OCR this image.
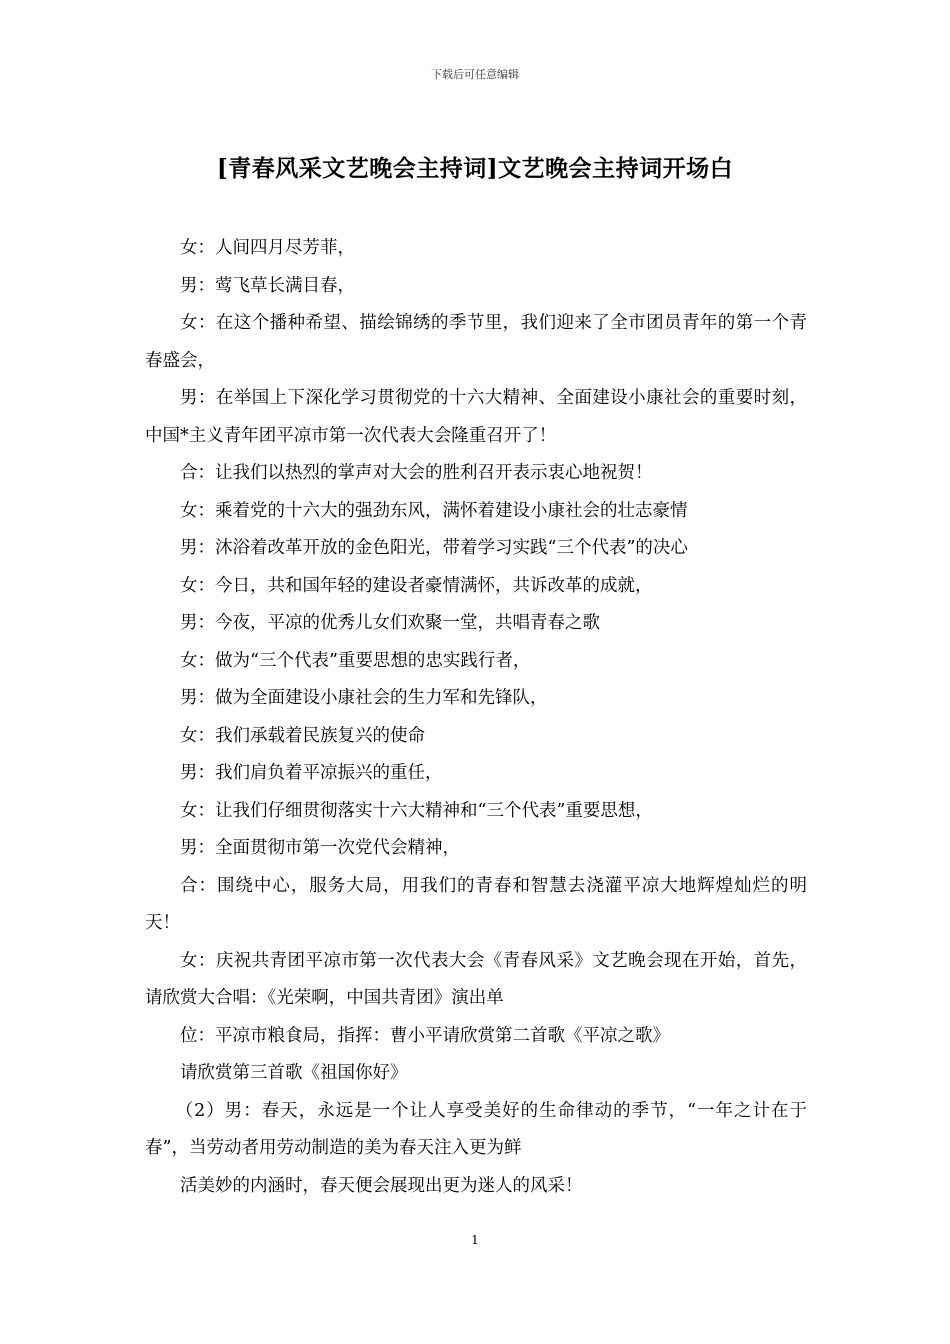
下载后可任意编辑
[青春风采文艺晚会主持词]文艺晚会主持词开场白

女：人间四月尽芳菲，

男：莺飞草长满目春，

女：在这个播种希望、描绘锦绣的季节里，我们迎来了全市团员青年的第一个青春盛会，

男：在举国上下深化学习贯彻党的十六大精神、全面建设小康社会的重要时刻，中国*主义青年团平凉市第一次代表大会隆重召开了！

合：让我们以热烈的掌声对大会的胜利召开表示衷心地祝贺！

女：乘着党的十六大的强劲东风，满怀着建设小康社会的壮志豪情

男：沐浴着改革开放的金色阳光，带着学习实践“三个代表”的决心

女：今日，共和国年轻的建设者豪情满怀，共诉改革的成就，

男：今夜，平凉的优秀儿女们欢聚一堂，共唱青春之歌

女：做为“三个代表”重要思想的忠实践行者，

男：做为全面建设小康社会的生力军和先锋队，

女：我们承载着民族复兴的使命

男：我们肩负着平凉振兴的重任，

女：让我们仔细贯彻落实十六大精神和“三个代表”重要思想，

男：全面贯彻市第一次党代会精神，

合：围绕中心，服务大局，用我们的青春和智慧去浇灌平凉大地辉煌灿烂的明天！

女：庆祝共青团平凉市第一次代表大会《青春风采》文艺晚会现在开始，首先，请欣赏大合唱：《光荣啊，中国共青团》演出单

位：平凉市粮食局，指挥：曹小平请欣赏第二首歌《平凉之歌》

请欣赏第三首歌《祖国你好》

（2）男：春天，永远是一个让人享受美好的生命律动的季节，“一年之计在于春”，当劳动者用劳动制造的美为春天注入更为鲜

活美妙的内涵时，春天便会展现出更为迷人的风采！

1
